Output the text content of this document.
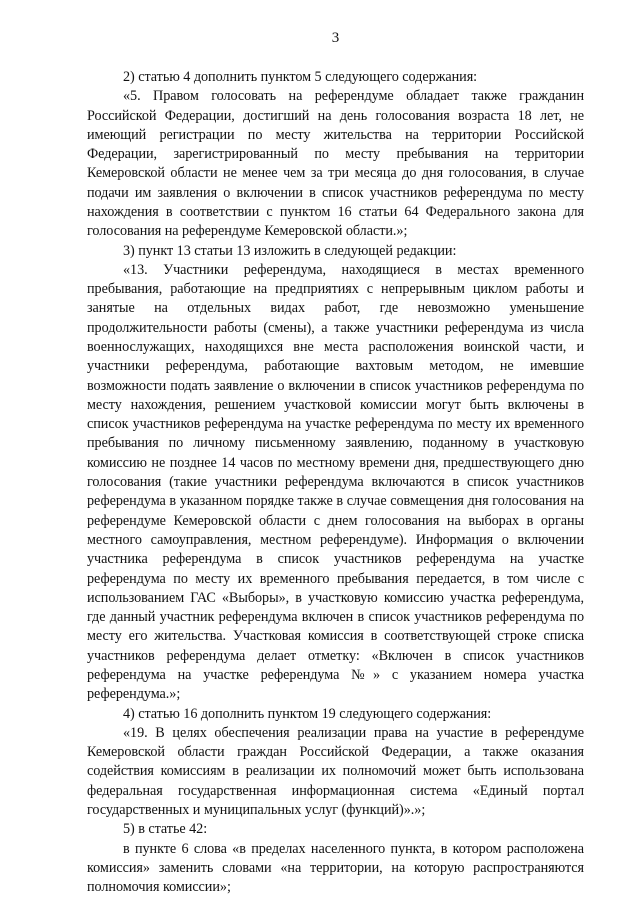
3

2) статью 4 дополнить пунктом 5 следующего содержания:

«5. Правом голосовать на референдуме обладает также гражданин Российской Федерации, достигший на день голосования возраста 18 лет, не имеющий регистрации по месту жительства на территории Российской Федерации, зарегистрированный по месту пребывания на территории Кемеровской области не менее чем за три месяца до дня голосования, в случае подачи им заявления о включении в список участников референдума по месту нахождения в соответствии с пунктом 16 статьи 64 Федерального закона для голосования на референдуме Кемеровской области.»;

3) пункт 13 статьи 13 изложить в следующей редакции:

«13. Участники референдума, находящиеся в местах временного пребывания, работающие на предприятиях с непрерывным циклом работы и занятые на отдельных видах работ, где невозможно уменьшение продолжительности работы (смены), а также участники референдума из числа военнослужащих, находящихся вне места расположения воинской части, и участники референдума, работающие вахтовым методом, не имевшие возможности подать заявление о включении в список участников референдума по месту нахождения, решением участковой комиссии могут быть включены в список участников референдума на участке референдума по месту их временного пребывания по личному письменному заявлению, поданному в участковую комиссию не позднее 14 часов по местному времени дня, предшествующего дню голосования (такие участники референдума включаются в список участников референдума в указанном порядке также в случае совмещения дня голосования на референдуме Кемеровской области с днем голосования на выборах в органы местного самоуправления, местном референдуме). Информация о включении участника референдума в список участников референдума на участке референдума по месту их временного пребывания передается, в том числе с использованием ГАС «Выборы», в участковую комиссию участка референдума, где данный участник референдума включен в список участников референдума по месту его жительства. Участковая комиссия в соответствующей строке списка участников референдума делает отметку: «Включен в список участников референдума на участке референдума №» с указанием номера участка референдума.»;

4) статью 16 дополнить пунктом 19 следующего содержания:

«19. В целях обеспечения реализации права на участие в референдуме Кемеровской области граждан Российской Федерации, а также оказания содействия комиссиям в реализации их полномочий может быть использована федеральная государственная информационная система «Единый портал государственных и муниципальных услуг (функций)».»;

5) в статье 42:

в пункте 6 слова «в пределах населенного пункта, в котором расположена комиссия» заменить словами «на территории, на которую распространяются полномочия комиссии»;
